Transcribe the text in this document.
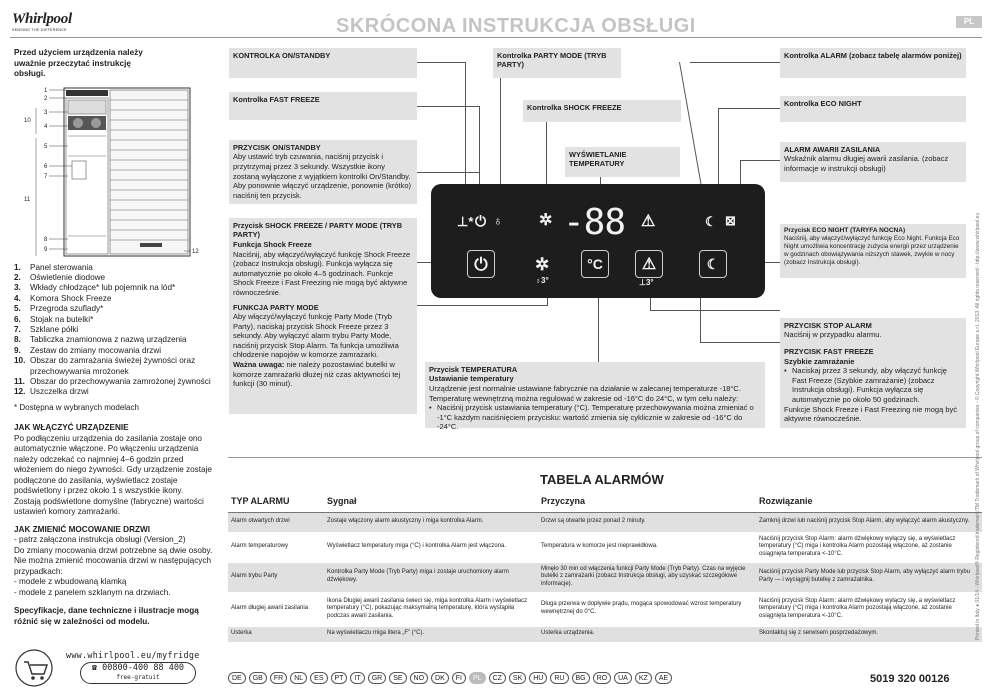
Whirlpool
SENSING THE DIFFERENCE	SKRÓCONA INSTRUKCJA OBSŁUGI	PL
Przed użyciem urządzenia należy uważnie przeczytać instrukcję obsługi.
1
2
3
4
5
6
7
8
9
10
11
12
1.	Panel sterowania
2.	Oświetlenie diodowe
3.	Wkłady chłodzące* lub pojemnik na lód*
4.	Komora Shock Freeze
5.	Przegroda szuflady*
6.	Stojak na butelki*
7.	Szklane półki
8.	Tabliczka znamionowa z nazwą urządzenia
9.	Zestaw do zmiany mocowania drzwi
10. Obszar do zamrażania świeżej żywności oraz przechowywania mrożonek
11. Obszar do przechowywania zamrożonej żywności
12. Uszczelka drzwi
* Dostępna w wybranych modelach
JAK WŁĄCZYĆ URZĄDZENIE
Po podłączeniu urządzenia do zasilania zostaje ono automatycznie włączone. Po włączeniu urządzenia należy odczekać co najmniej 4–6 godzin przed włożeniem do niego żywności. Gdy urządzenie zostaje podłączone do zasilania, wyświetlacz zostaje podświetlony i przez około 1 s wszystkie ikony.
Zostają podświetlone domyślne (fabryczne) wartości ustawień komory zamrażarki.
JAK ZMIENIĆ MOCOWANIE DRZWI
- patrz załączona instrukcja obsługi (Version_2)
Do zmiany mocowania drzwi potrzebne są dwie osoby. Nie można zmienić mocowania drzwi w następujących przypadkach:
- modele z wbudowaną klamką
- modele z panelem szklanym na drzwiach.
Specyfikacje, dane techniczne i ilustracje mogą różnić się w zależności od modelu.
www.whirlpool.eu/myfridge
☎ 00800-400 88 400
free-gratuit
KONTROLKA ON/STANDBY
Kontrolka FAST FREEZE
Kontrolka PARTY MODE (TRYB PARTY)
Kontrolka SHOCK FREEZE
WYŚWIETLANIE TEMPERATURY
Kontrolka ALARM (zobacz tabelę alarmów poniżej)
Kontrolka ECO NIGHT
ALARM AWARII ZASILANIA
Wskaźnik alarmu długiej awarii zasilania. (zobacz informacje w instrukcji obsługi)
PRZYCISK ON/STANDBY
Aby ustawić tryb czuwania, naciśnij przycisk i przytrzymaj przez 3 sekundy. Wszystkie ikony zostaną wyłączone z wyjątkiem kontrolki On/Standby. Aby ponownie włączyć urządzenie, ponownie (krótko) naciśnij ten przycisk.
Przycisk SHOCK FREEZE / PARTY MODE (TRYB PARTY)
Funkcja Shock Freeze
Naciśnij, aby włączyć/wyłączyć funkcję Shock Freeze (zobacz Instrukcja obsługi). Funkcja wyłącza się automatycznie po około 4–5 godzinach. Funkcje Shock Freeze i Fast Freezing nie mogą być aktywne równocześnie.
FUNKCJA PARTY MODE
Aby włączyć/wyłączyć funkcję Party Mode (Tryb Party), naciskaj przycisk Shock Freeze przez 3 sekundy. Aby wyłączyć alarm trybu Party Mode, naciśnij przycisk Stop Alarm. Ta funkcja umożliwia chłodzenie napojów w komorze zamrażarki.
Ważna uwaga: nie należy pozostawiać butelki w komorze zamrażarki dłużej niż czas aktywności tej funkcji (30 minut).
Przycisk TEMPERATURA
Ustawianie temperatury
Urządzenie jest normalnie ustawiane fabrycznie na działanie w zalecanej temperaturze -18°C. Temperaturę wewnętrzną można regulować w zakresie od -16°C do 24°C, w tym celu należy:
• Naciśnij przycisk ustawiania temperatury (°C). Temperaturę przechowywania można zmieniać o -1°C każdym naciśnięciem przycisku: wartość zmienia się cyklicznie w zakresie od -16°C do -24°C.
Przycisk ECO NIGHT (TARYFA NOCNA)
Naciśnij, aby włączyć/wyłączyć funkcję Eco Night. Funkcja Eco Night umożliwia koncentrację zużycia energii przez urządzenie w godzinach obowiązywania niższych stawek, zwykle w nocy (zobacz Instrukcja obsługi).
PRZYCISK STOP ALARM
Naciśnij w przypadku alarmu.
PRZYCISK FAST FREEZE
Szybkie zamrażanie
• Naciskaj przez 3 sekundy, aby włączyć funkcję Fast Freeze (Szybkie zamrażanie) (zobacz Instrukcja obsługi). Funkcja wyłącza się automatycznie po około 50 godzinach.
Funkcje Shock Freeze i Fast Freezing nie mogą być aktywne równocześnie.
⊥* ⏻ ♁ ✲ -88 ⚠	☾ ⊠
⏻	✲
♁3°
°C	⚠
⊥3°
☾
TABELA ALARMÓW
TYP ALARMU	Sygnał	Przyczyna	Rozwiązanie
Alarm otwartych drzwi	Zostaje włączony alarm akustyczny i miga kontrolka Alarm.	Drzwi są otwarte przez ponad 2 minuty.	Zamknij drzwi lub naciśnij przycisk Stop Alarm, aby wyłączyć alarm akustyczny.
Alarm temperaturowy	Wyświetlacz temperatury miga (°C) i kontrolka Alarm jest włączona.	Temperatura w komorze jest nieprawidłowa.	Naciśnij przycisk Stop Alarm: alarm dźwiękowy wyłączy się, a wyświetlacz temperatury (°C) miga i kontrolka Alarm pozostają włączone, aż zostanie osiągnięta temperatura <-10°C.
Alarm trybu Party	Kontrolka Party Mode (Tryb Party) miga i zostaje uruchomiony alarm dźwiękowy.	Minęło 30 min od włączenia funkcji Party Mode (Tryb Party). Czas na wyjęcie butelki z zamrażarki (zobacz Instrukcja obsługi, aby uzyskać szczegółowe informacje).	Naciśnij przycisk Party Mode lub przycisk Stop Alarm, aby wyłączyć alarm trybu Party — i wyciągnij butelkę z zamrażalnika.
Alarm długiej awarii zasilania	Ikona Długiej awarii zasilania świeci się, miga kontrolka Alarm i wyświetlacz temperatury (°C), pokazując maksymalną temperaturę, która wystąpiła podczas awarii zasilania.	Długa przerwa w dopływie prądu, mogąca spowodować wzrost temperatury wewnętrznej do 0°C.	Naciśnij przycisk Stop Alarm: alarm dźwiękowy wyłączy się, a wyświetlacz temperatury (°C) miga i kontrolka Alarm pozostają włączone, aż zostanie osiągnięta temperatura <-10°C.
Usterka	Na wyświetlaczu miga litera „F” (°C).	Usterka urządzenia.	Skontaktuj się z serwisem posprzedażowym.
DE	GB	FR	NL	ES	PT	IT	GR	SE	NO	DK	FI	PL	CZ	SK	HU	RU	BG	RO	UA	KZ	AE	5019 320 00126
Printed in Italy ● 01/14 - Whirlpool® Registered trademark/TM Trademark of Whirlpool group of companies - © Copyright Whirlpool Europe s.r.l. 2013. All rights reserved - http://www.whirlpool.eu
